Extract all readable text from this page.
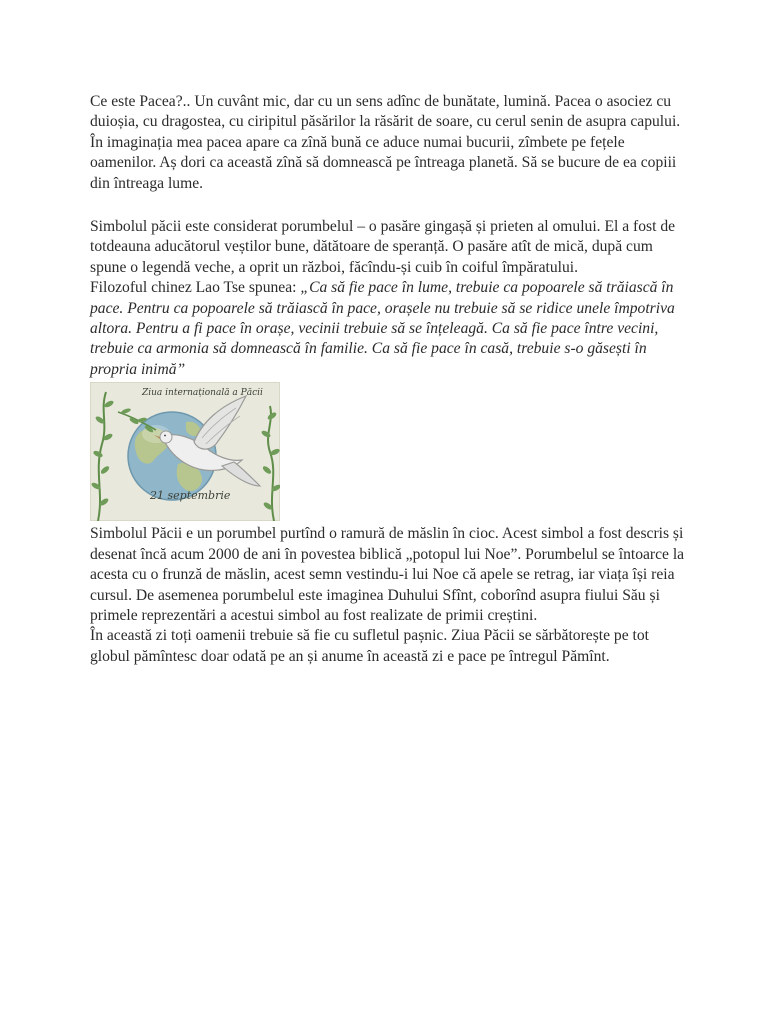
Ce este Pacea?.. Un cuvânt mic, dar cu un sens adînc de bunătate, lumină. Pacea o asociez cu duioșia, cu dragostea, cu ciripitul păsărilor la răsărit de soare, cu cerul senin de asupra capului. În imaginația mea pacea apare ca zînă bună ce aduce numai bucurii, zîmbete pe fețele oamenilor. Aș dori ca această zînă să domnească pe întreaga planetă. Să se bucure de ea copiii din întreaga lume.

Simbolul păcii este considerat porumbelul – o pasăre gingașă și prieten al omului. El a fost de totdeauna aducătorul veștilor bune, dătătoare de speranță. O pasăre atît de mică, după cum spune o legendă veche, a oprit un război, făcîndu-și cuib în coiful împăratului.

Filozoful chinez Lao Tse spunea: „Ca să fie pace în lume, trebuie ca popoarele să trăiască în pace. Pentru ca popoarele să trăiască în pace, orașele nu trebuie să se ridice unele împotriva altora. Pentru a fi pace în orașe, vecinii trebuie să se înțeleagă. Ca să fie pace între vecini, trebuie ca armonia să domnească în familie. Ca să fie pace în casă, trebuie s-o găsești în propria inimă”

Ziua internațională a Păcii
21 septembrie

Simbolul Păcii e un porumbel purtînd o ramură de măslin în cioc. Acest simbol a fost descris și desenat încă acum 2000 de ani în povestea biblică „potopul lui Noe”. Porumbelul se întoarce la acesta cu o frunză de măslin, acest semn vestindu-i lui Noe că apele se retrag, iar viața își reia cursul. De asemenea porumbelul este imaginea Duhului Sfînt, coborînd asupra fiului Său și primele reprezentări a acestui simbol au fost realizate de primii creștini.

În această zi toți oamenii trebuie să fie cu sufletul pașnic. Ziua Păcii se sărbătorește pe tot globul pămîntesc doar odată pe an și anume în această zi e pace pe întregul Pămînt.
